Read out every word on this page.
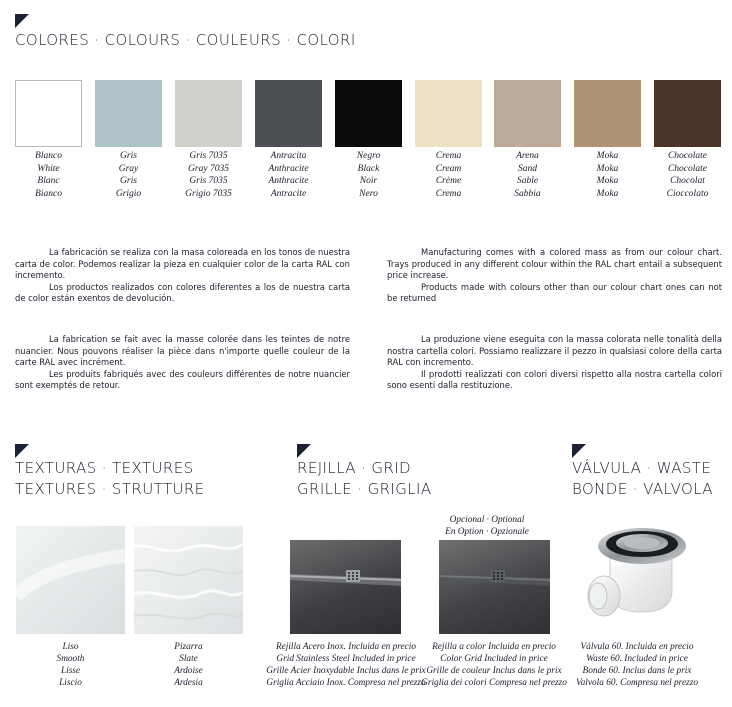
COLORES · COLOURS · COULEURS · COLORI
Blanco
White
Blanc
Bianco
Gris
Gray
Gris
Grigio
Gris 7035
Gray 7035
Gris 7035
Grigio 7035
Antracita
Anthracite
Anthracite
Antracite
Negro
Black
Noir
Nero
Crema
Cream
Crème
Crema
Arena
Sand
Sable
Sabbia
Moka
Moka
Moka
Moka
Chocolate
Chocolate
Chocolat
Cioccolato

La fabricación se realiza con la masa coloreada en los tonos de nuestra carta de color. Podemos realizar la pieza en cualquier color de la carta RAL con incremento.

Los productos realizados con colores diferentes a los de nuestra carta de color están exentos de devolución.

Manufacturing comes with a colored mass as from our colour chart. Trays produced in any different colour within the RAL chart entail a subsequent price increase.

Products made with colours other than our colour chart ones can not be returned

La fabrication se fait avec la masse colorée dans les teintes de notre nuancier. Nous pouvons réaliser la pièce dans n'importe quelle couleur de la carte RAL avec incrément.

Les produits fabriqués avec des couleurs différentes de notre nuancier sont exemptés de retour.

La produzione viene eseguita con la massa colorata nelle tonalità della nostra cartella colori. Possiamo realizzare il pezzo in qualsiasi colore della carta RAL con incremento.

Il prodotti realizzati con colori diversi rispetto alla nostra cartella colori sono esenti dalla restituzione.

TEXTURAS · TEXTURES
TEXTURES · STRUTTURE
Liso
Smooth
Lisse
Liscio
Pizarra
Slate
Ardoise
Ardesia
REJILLA · GRID
GRILLE · GRIGLIA
Opcional · Optional
En Option · Opzionale
Rejilla Acero Inox. Incluida en precio
Grid Stainless Steel Included in price
Grille Acier Inoxydable Inclus dans le prix
Griglia Acciaio Inox. Compresa nel prezzo
Rejilla a color Incluida en precio
Color Grid Included in price
Grille de couleur Inclus dans le prix
Griglia dei colori Compresa nel prezzo
VÁLVULA · WASTE
BONDE · VALVOLA
Válvula 60. Incluida en precio
Waste 60. Included in price
Bonde 60. Inclus dans le prix
Valvola 60. Compresa nel prezzo
